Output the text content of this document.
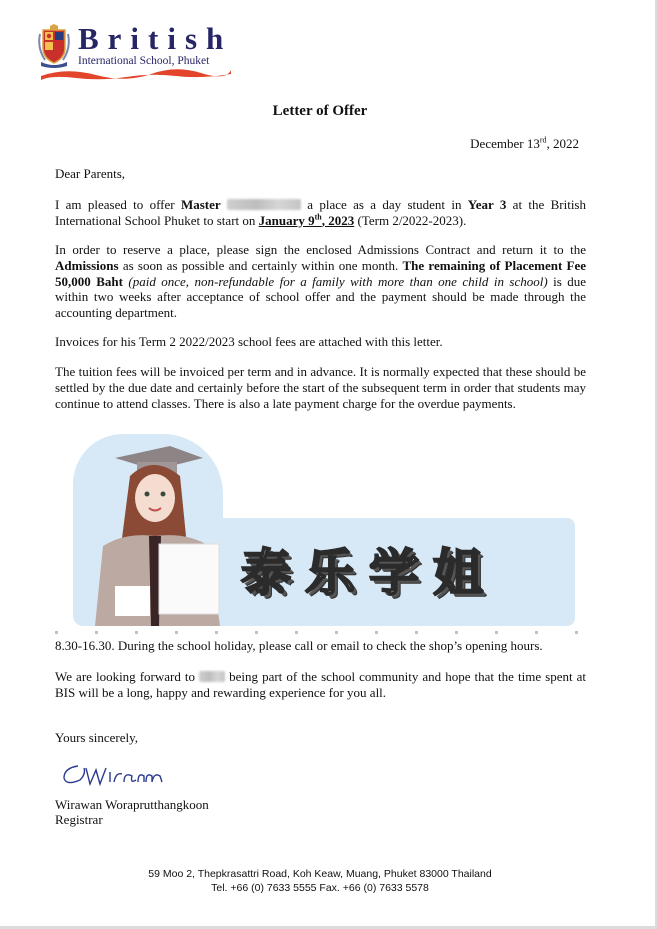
British
International School, Phuket
Letter of Offer
December 13rd, 2022
Dear Parents,
I am pleased to offer Master	a place as a day student in Year 3 at the British International School Phuket to start on January 9th, 2023 (Term 2/2022-2023).
In order to reserve a place, please sign the enclosed Admissions Contract and return it to the Admissions as soon as possible and certainly within one month. The remaining of Placement Fee 50,000 Baht (paid once, non-refundable for a family with more than one child in school) is due within two weeks after acceptance of school offer and the payment should be made through the accounting department.
Invoices for his Term 2 2022/2023 school fees are attached with this letter.
The tuition fees will be invoiced per term and in advance. It is normally expected that these should be settled by the due date and certainly before the start of the subsequent term in order that students may continue to attend classes. There is also a late payment charge for the overdue payments.
泰乐学姐
8.30-16.30. During the school holiday, please call or email to check the shop’s opening hours.
We are looking forward to  being part of the school community and hope that the time spent at BIS will be a long, happy and rewarding experience for you all.
Yours sincerely,
Wirawan Woraprutthangkoon
Registrar
59 Moo 2, Thepkrasattri Road, Koh Keaw, Muang, Phuket 83000 Thailand
Tel. +66 (0) 7633 5555 Fax. +66 (0) 7633 5578
